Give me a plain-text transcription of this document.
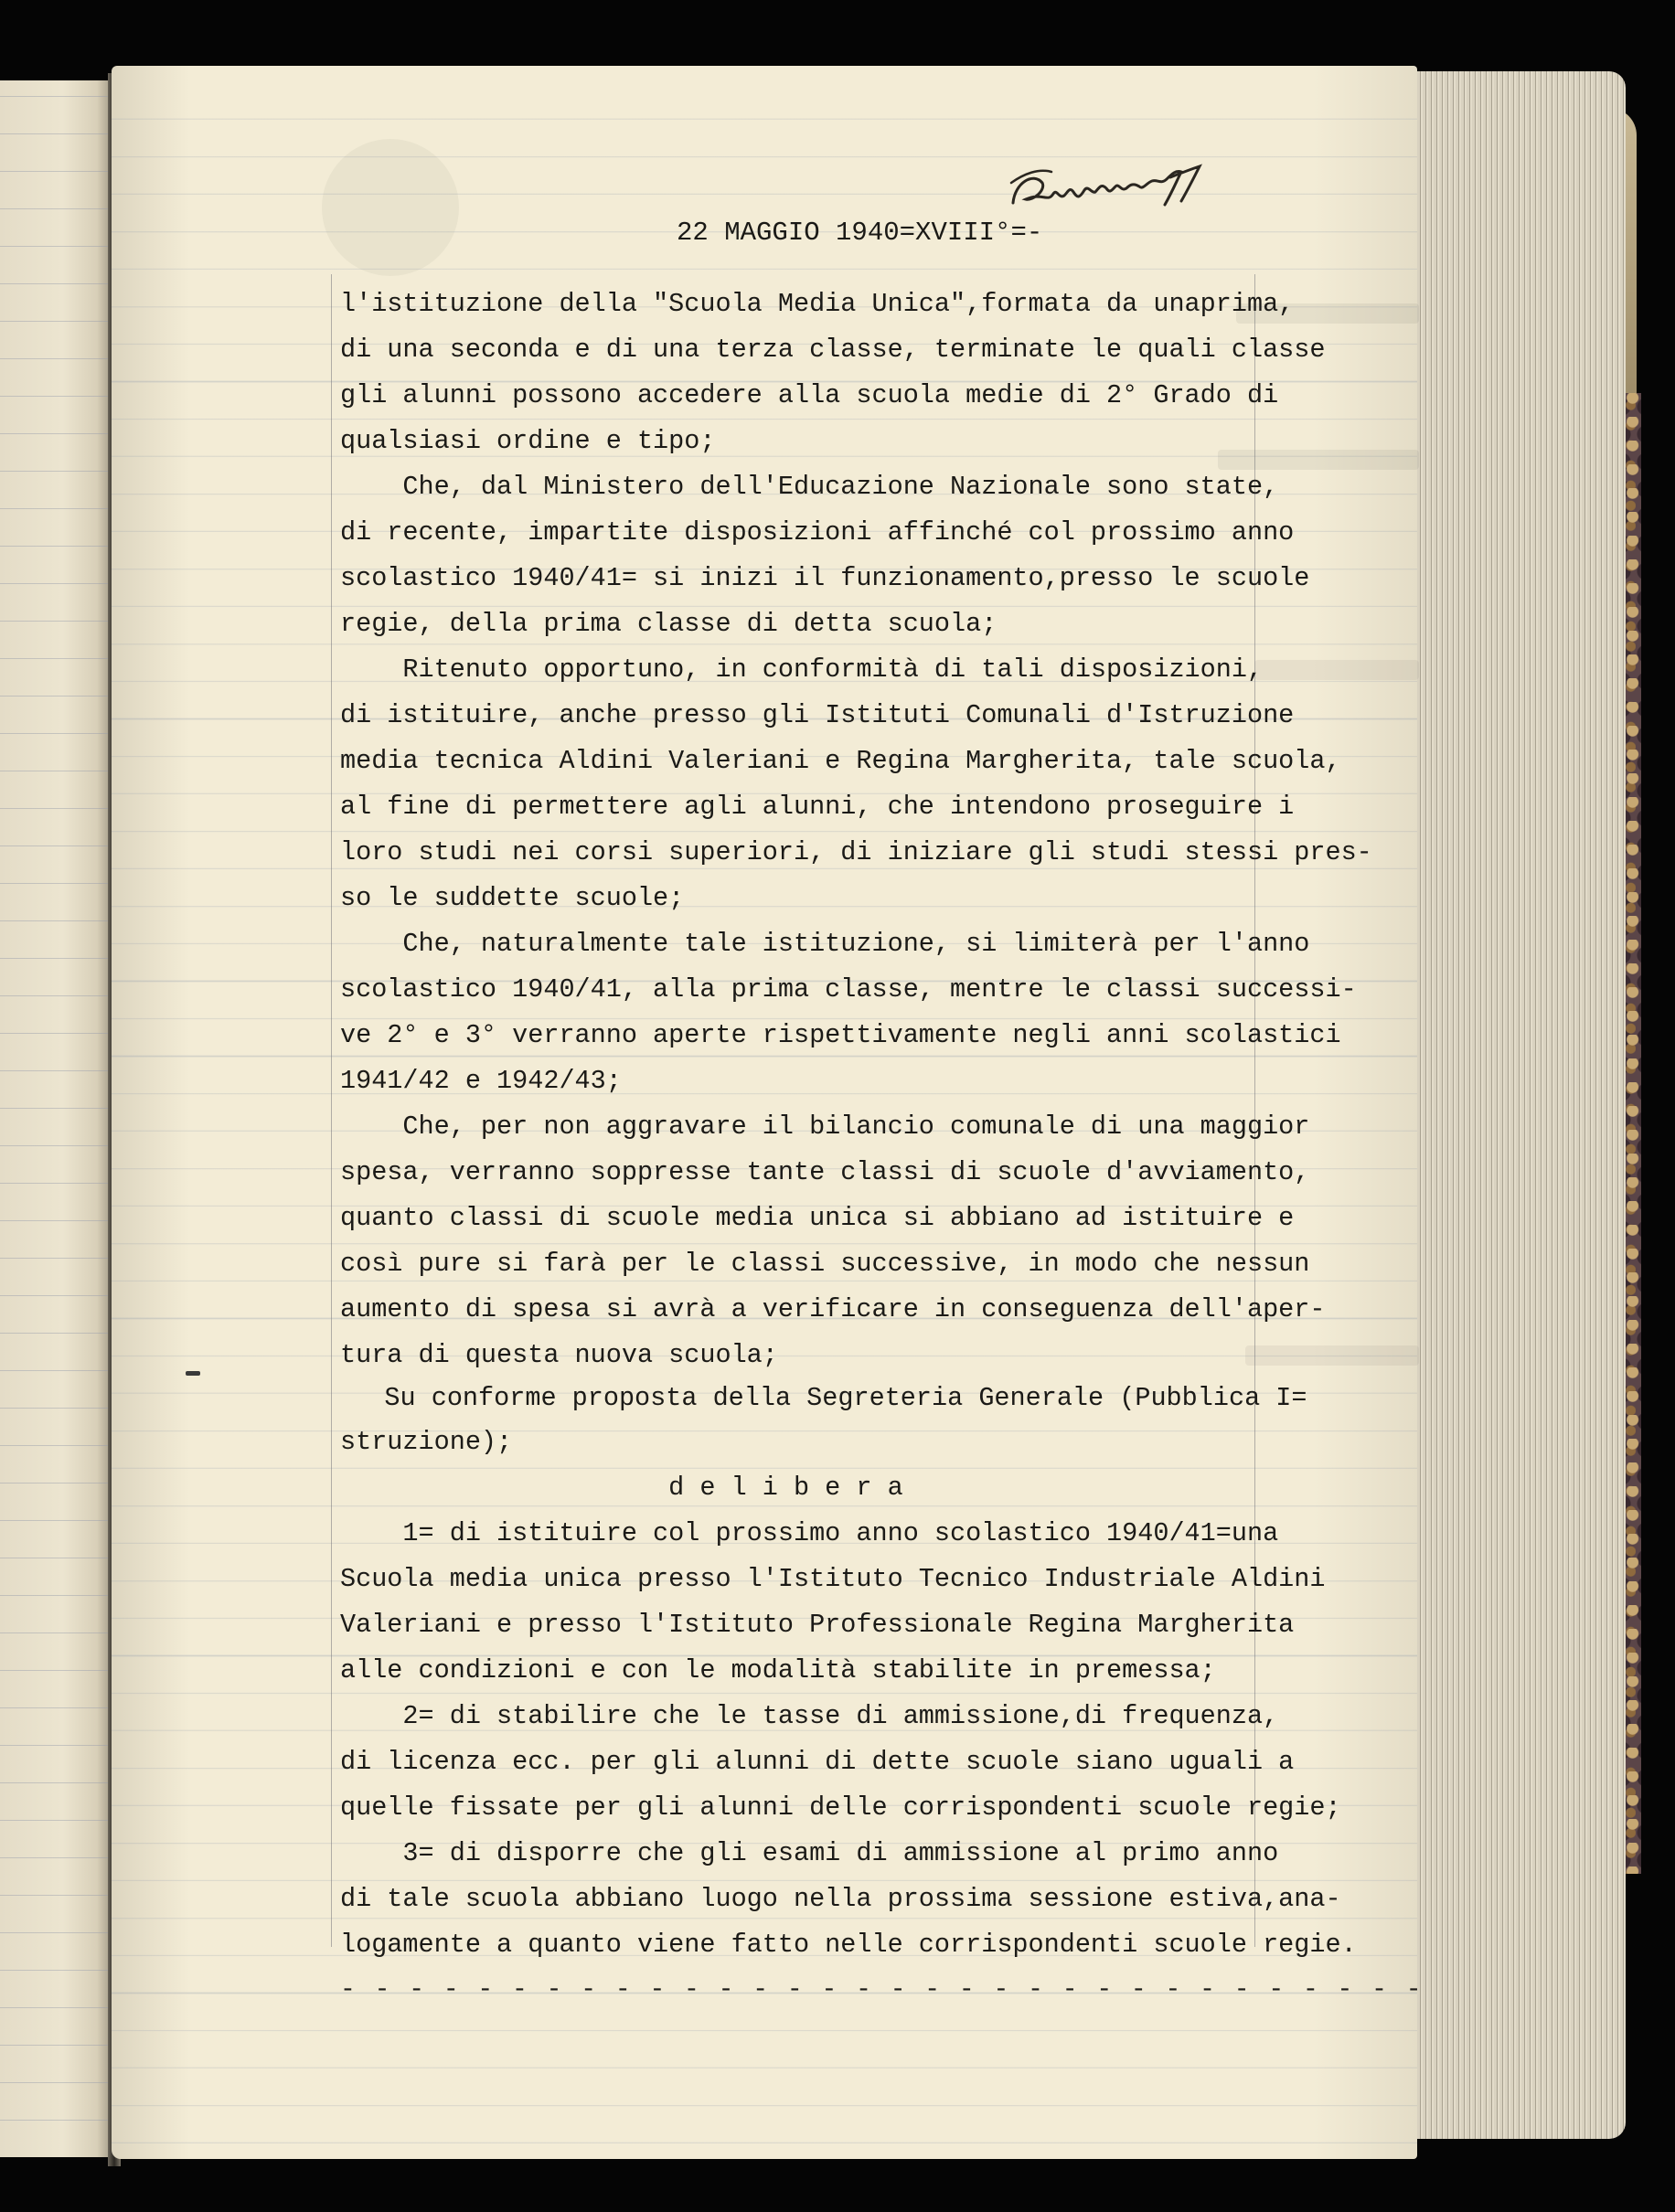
22 MAGGIO 1940=XVIII°=-
l'istituzione della "Scuola Media Unica",formata da unaprima,
di una seconda e di una terza classe, terminate le quali classe
gli alunni possono accedere alla scuola medie di 2° Grado di
qualsiasi ordine e tipo;
Che, dal Ministero dell'Educazione Nazionale sono state,
di recente, impartite disposizioni affinché col prossimo anno
scolastico 1940/41= si inizi il funzionamento,presso le scuole
regie, della prima classe di detta scuola;
Ritenuto opportuno, in conformità di tali disposizioni,
di istituire, anche presso gli Istituti Comunali d'Istruzione
media tecnica Aldini Valeriani e Regina Margherita, tale scuola,
al fine di permettere agli alunni, che intendono proseguire i
loro studi nei corsi superiori, di iniziare gli studi stessi pres-
so le suddette scuole;
Che, naturalmente tale istituzione, si limiterà per l'anno
scolastico 1940/41, alla prima classe, mentre le classi successi-
ve 2° e 3° verranno aperte rispettivamente negli anni scolastici
1941/42 e 1942/43;
Che, per non aggravare il bilancio comunale di una maggior
spesa, verranno soppresse tante classi di scuole d'avviamento,
quanto classi di scuole media unica si abbiano ad istituire e
così pure si farà per le classi successive, in modo che nessun
aumento di spesa si avrà a verificare in conseguenza dell'aper-
tura di questa nuova scuola;
Su conforme proposta della Segreteria Generale (Pubblica I=
struzione);
d e l i b e r a
1= di istituire col prossimo anno scolastico 1940/41=una
Scuola media unica presso l'Istituto Tecnico Industriale Aldini
Valeriani e presso l'Istituto Professionale Regina Margherita
alle condizioni e con le modalità stabilite in premessa;
2= di stabilire che le tasse di ammissione,di frequenza,
di licenza ecc. per gli alunni di dette scuole siano uguali a
quelle fissate per gli alunni delle corrispondenti scuole regie;
3= di disporre che gli esami di ammissione al primo anno
di tale scuola abbiano luogo nella prossima sessione estiva,ana-
logamente a quanto viene fatto nelle corrispondenti scuole regie.
- - - - - - - - - - - - - - - - - - - - - - - - - - - - - - - -
